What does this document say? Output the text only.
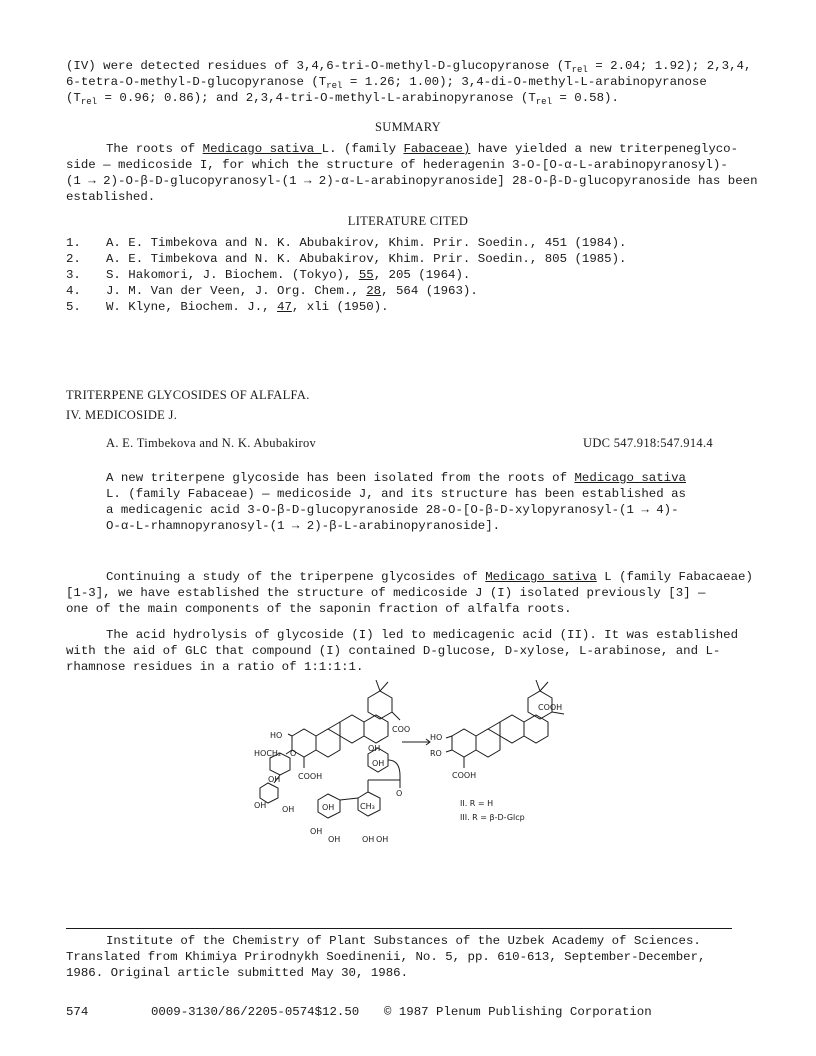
(IV) were detected residues of 3,4,6-tri-O-methyl-D-glucopyranose ($T_{rel} = 2.04$; 1.92); 2,3,4,
6-tetra-O-methyl-D-glucopyranose ($T_{rel} = 1.26$; 1.00); 3,4-di-O-methyl-L-arabinopyranose
($T_{rel} = 0.96$; 0.86); and 2,3,4-tri-O-methyl-L-arabinopyranose $(T_{rel} = 0.58)$.
SUMMARY
The roots of Medicago sativa L. (family Fabaceae) have yielded a new triterpeneglyco-
side — medicoside I, for which the structure of hederagenin 3-O-[O-α-L-arabinopyranosyl)-
(1 → 2)-O-β-D-glucopyranosyl-(1 → 2)-α-L-arabinopyranoside] 28-O-β-D-glucopyranoside has been
established.
LITERATURE CITED
1. A. E. Timbekova and N. K. Abubakirov, Khim. Prir. Soedin., 451 (1984).
2. A. E. Timbekova and N. K. Abubakirov, Khim. Prir. Soedin., 805 (1985).
3. S. Hakomori, J. Biochem. (Tokyo), 55, 205 (1964).
4. J. M. Van der Veen, J. Org. Chem., 28, 564 (1963).
5. W. Klyne, Biochem. J., 47, xli (1950).
TRITERPENE GLYCOSIDES OF ALFALFA.
IV. MEDICOSIDE J.
A. E. Timbekova and N. K. Abubakirov	UDC 547.918:547.914.4
A new triterpene glycoside has been isolated from the roots of Medicago sativa
L. (family Fabaceae) — medicoside J, and its structure has been established as
a medicagenic acid 3-O-β-D-glucopyranoside 28-O-[O-β-D-xylopyranosyl-(1 → 4)-
O-α-L-rhamnopyranosyl-(1 → 2)-β-L-arabinopyranoside].
Continuing a study of the triperpene glycosides of Medicago sativa L (family Fabacaeae)
[1-3], we have established the structure of medicoside J (I) isolated previously [3] —
one of the main components of the saponin fraction of alfalfa roots.
The acid hydrolysis of glycoside (I) led to medicagenic acid (II). It was established
with the aid of GLC that compound (I) contained D-glucose, D-xylose, L-arabinose, and L-
rhamnose residues in a ratio of 1:1:1:1.
HO
COO
HOCH₂ O
OH COOH
OH
OH
OH OH	OH
OH
OH
CH₃
OH OH
O
HO
RO
COOH
COOH
II. R = H
III. R = β-D-Glcp
Institute of the Chemistry of Plant Substances of the Uzbek Academy of Sciences.
Translated from Khimiya Prirodnykh Soedinenii, No. 5, pp. 610-613, September-December,
1986. Original article submitted May 30, 1986.
574	0009-3130/86/2205-0574$12.50 © 1987 Plenum Publishing Corporation
